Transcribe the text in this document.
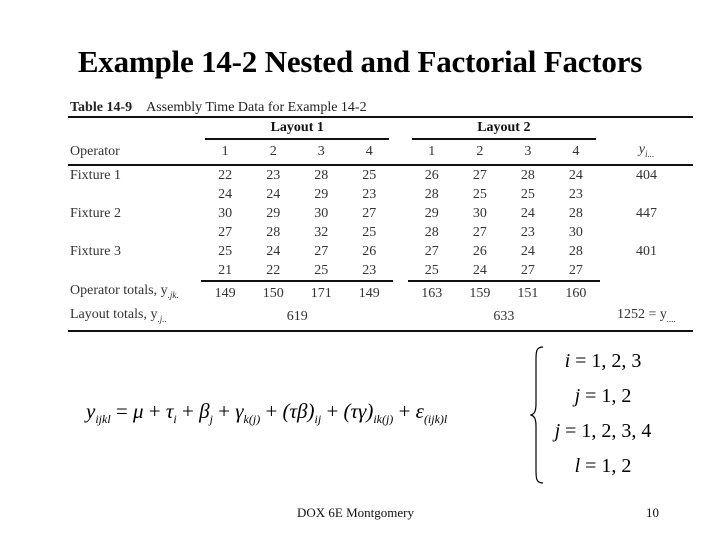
Example 14-2 Nested and Factorial Factors
Table 14-9 Assembly Time Data for Example 14-2

	Layout 1					Layout 2				

Operator	1	2	3	4		1	2	3	4	$y_{i...}$
Fixture 1	22	23	28	25		26	27	28	24	404
	24	24	29	23		28	25	25	23	
Fixture 2	30	29	30	27		29	30	24	28	447
	27	28	32	25		28	27	23	30	
Fixture 3	25	24	27	26		27	26	24	28	401
	21	22	25	23		25	24	27	27	
Operator totals, $y_{.jk.}$	149	150	171	149		163	159	151	160	
Layout totals, $y_{.j..}$	619					633				$1252 = y_{....}$
$y_{ijkl} = \mu + \tau_i + \beta_j + \gamma_{k(j)} + (\tau\beta)_{ij} + (\tau\gamma)_{ik(j)} + \varepsilon_{(ijk)l}$
i = 1, 2, 3
j = 1, 2
j = 1, 2, 3, 4
l = 1, 2
DOX 6E Montgomery	10
